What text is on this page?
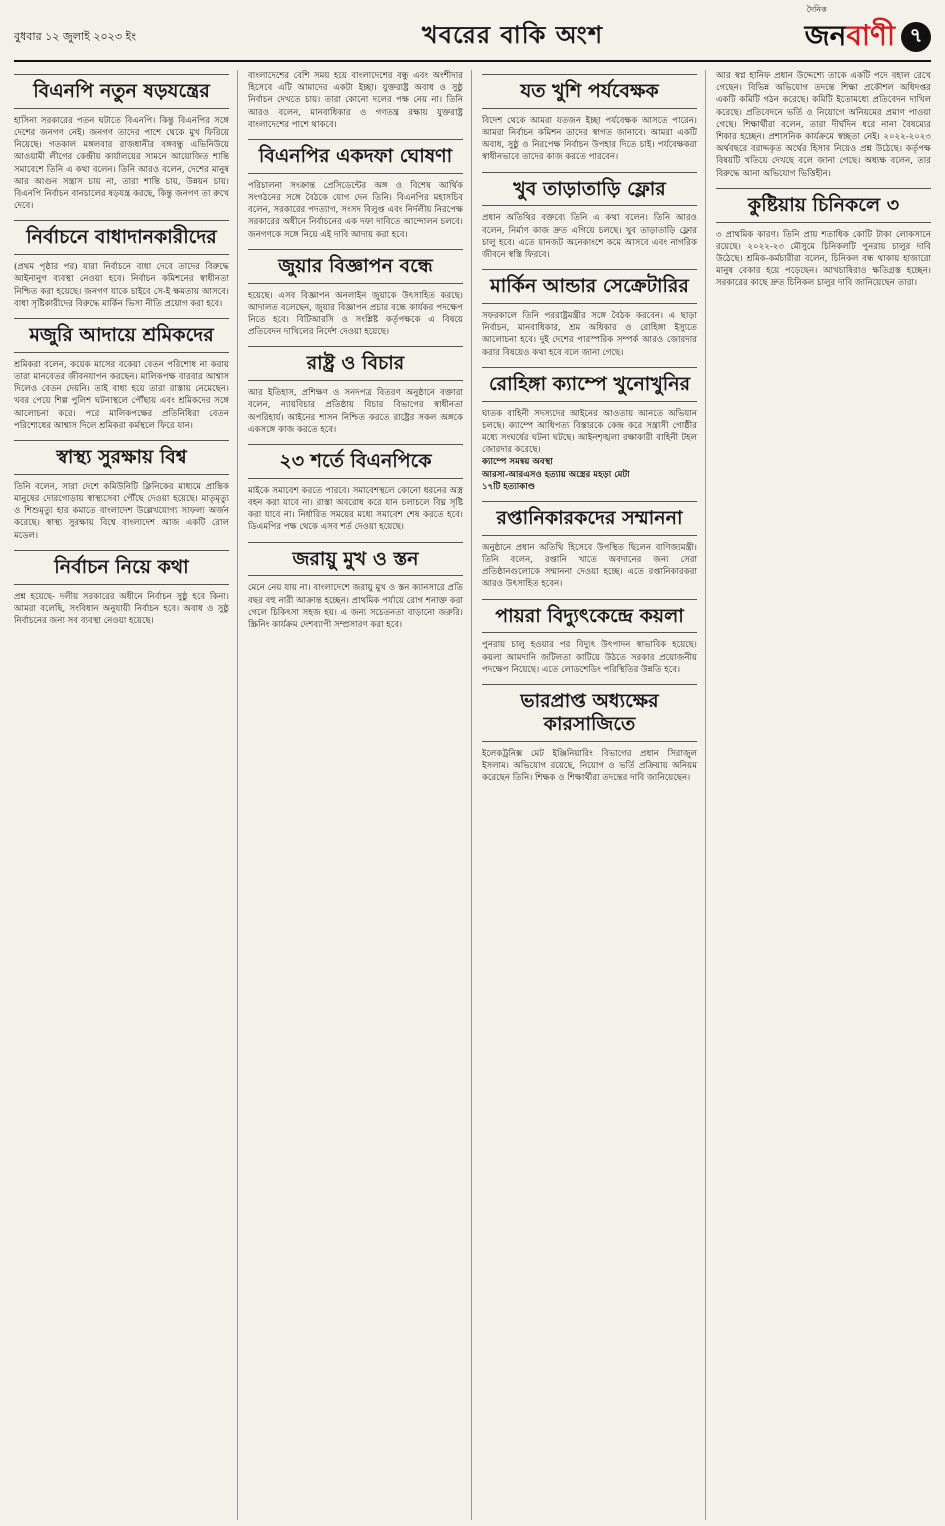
বুধবার ১২ জুলাই ২০২৩ ইং	খবরের বাকি অংশ
দৈনিক
জনবাণী ৭
বিএনপি নতুন ষড়যন্ত্রের

হাসিনা সরকারের পতন ঘটাতে বিএনপি। কিন্তু বিএনপির সঙ্গে দেশের জনগণ নেই। জনগণ তাদের পাশে থেকে মুখ ফিরিয়ে নিয়েছে। গতকাল মঙ্গলবার রাজধানীর বঙ্গবন্ধু এভিনিউয়ে আওয়ামী লীগের কেন্দ্রীয় কার্যালয়ের সামনে আয়োজিত শান্তি সমাবেশে তিনি এ কথা বলেন। তিনি আরও বলেন, দেশের মানুষ আর আগুন সন্ত্রাস চায় না, তারা শান্তি চায়, উন্নয়ন চায়। বিএনপি নির্বাচন বানচালের ষড়যন্ত্র করছে, কিন্তু জনগণ তা রুখে দেবে।

নির্বাচনে বাধাদানকারীদের

(প্রথম পৃষ্ঠার পর) যারা নির্বাচনে বাধা দেবে তাদের বিরুদ্ধে আইনানুগ ব্যবস্থা নেওয়া হবে। নির্বাচন কমিশনের স্বাধীনতা নিশ্চিত করা হয়েছে। জনগণ যাকে চাইবে সে-ই ক্ষমতায় আসবে। বাধা সৃষ্টিকারীদের বিরুদ্ধে মার্কিন ভিসা নীতি প্রয়োগ করা হবে।

মজুরি আদায়ে শ্রমিকদের

শ্রমিকরা বলেন, কয়েক মাসের বকেয়া বেতন পরিশোধ না করায় তারা মানবেতর জীবনযাপন করছেন। মালিকপক্ষ বারবার আশ্বাস দিলেও বেতন দেয়নি। তাই বাধ্য হয়ে তারা রাস্তায় নেমেছেন। খবর পেয়ে শিল্প পুলিশ ঘটনাস্থলে পৌঁছায় এবং শ্রমিকদের সঙ্গে আলোচনা করে। পরে মালিকপক্ষের প্রতিনিধিরা বেতন পরিশোধের আশ্বাস দিলে শ্রমিকরা কর্মস্থলে ফিরে যান।

স্বাস্থ্য সুরক্ষায় বিশ্ব

তিনি বলেন, সারা দেশে কমিউনিটি ক্লিনিকের মাধ্যমে প্রান্তিক মানুষের দোরগোড়ায় স্বাস্থ্যসেবা পৌঁছে দেওয়া হয়েছে। মাতৃমৃত্যু ও শিশুমৃত্যু হার কমাতে বাংলাদেশ উল্লেখযোগ্য সাফল্য অর্জন করেছে। স্বাস্থ্য সুরক্ষায় বিশ্বে বাংলাদেশ আজ একটি রোল মডেল।

নির্বাচন নিয়ে কথা

প্রশ্ন হয়েছে- দলীয় সরকারের অধীনে নির্বাচন সুষ্ঠু হবে কিনা। আমরা বলেছি, সংবিধান অনুযায়ী নির্বাচন হবে। অবাধ ও সুষ্ঠু নির্বাচনের জন্য সব ব্যবস্থা নেওয়া হয়েছে।

বাংলাদেশের বেশি সময় হয়ে বাংলাদেশের বন্ধু এবং অংশীদার হিসেবে এটি আমাদের একটা ইচ্ছা। যুক্তরাষ্ট্র অবাধ ও সুষ্ঠু নির্বাচন দেখতে চায়। তারা কোনো দলের পক্ষ নেয় না। তিনি আরও বলেন, মানবাধিকার ও গণতন্ত্র রক্ষায় যুক্তরাষ্ট্র বাংলাদেশের পাশে থাকবে।

বিএনপির একদফা ঘোষণা

পরিচালনা সংক্রান্ত প্রেসিডেন্টের অঙ্গ ও বিশেষ আর্থিক সংগঠনের সঙ্গে বৈঠকে যোগ দেন তিনি। বিএনপির মহাসচিব বলেন, সরকারের পদত্যাগ, সংসদ বিলুপ্ত এবং নির্দলীয় নিরপেক্ষ সরকারের অধীনে নির্বাচনের এক দফা দাবিতে আন্দোলন চলবে। জনগণকে সঙ্গে নিয়ে এই দাবি আদায় করা হবে।

জুয়ার বিজ্ঞাপন বন্ধে

হয়েছে। এসব বিজ্ঞাপন অনলাইন জুয়াকে উৎসাহিত করছে। আদালত বলেছেন, জুয়ার বিজ্ঞাপন প্রচার বন্ধে কার্যকর পদক্ষেপ নিতে হবে। বিটিআরসি ও সংশ্লিষ্ট কর্তৃপক্ষকে এ বিষয়ে প্রতিবেদন দাখিলের নির্দেশ দেওয়া হয়েছে।

রাষ্ট্র ও বিচার

আর ইতিহাস, প্রশিক্ষণ ও সনদপত্র বিতরণ অনুষ্ঠানে বক্তারা বলেন, ন্যায়বিচার প্রতিষ্ঠায় বিচার বিভাগের স্বাধীনতা অপরিহার্য। আইনের শাসন নিশ্চিত করতে রাষ্ট্রের সকল অঙ্গকে একসঙ্গে কাজ করতে হবে।

২৩ শর্তে বিএনপিকে

মাইকে সমাবেশ করতে পারবে। সমাবেশস্থলে কোনো ধরনের অস্ত্র বহন করা যাবে না। রাস্তা অবরোধ করে যান চলাচলে বিঘ্ন সৃষ্টি করা যাবে না। নির্ধারিত সময়ের মধ্যে সমাবেশ শেষ করতে হবে। ডিএমপির পক্ষ থেকে এসব শর্ত দেওয়া হয়েছে।

জরায়ু মুখ ও স্তন

মেনে নেয় যায় না। বাংলাদেশে জরায়ু মুখ ও স্তন ক্যানসারে প্রতি বছর বহু নারী আক্রান্ত হচ্ছেন। প্রাথমিক পর্যায়ে রোগ শনাক্ত করা গেলে চিকিৎসা সহজ হয়। এ জন্য সচেতনতা বাড়ানো জরুরি। স্ক্রিনিং কার্যক্রম দেশব্যাপী সম্প্রসারণ করা হবে।

যত খুশি পর্যবেক্ষক

বিদেশ থেকে আমরা যতজন ইচ্ছা পর্যবেক্ষক আসতে পারেন। আমরা নির্বাচন কমিশন তাদের স্বাগত জানাবে। আমরা একটি অবাধ, সুষ্ঠু ও নিরপেক্ষ নির্বাচন উপহার দিতে চাই। পর্যবেক্ষকরা স্বাধীনভাবে তাদের কাজ করতে পারবেন।

খুব তাড়াতাড়ি ফ্লোর

প্রধান অতিথির বক্তব্যে তিনি এ কথা বলেন। তিনি আরও বলেন, নির্মাণ কাজ দ্রুত এগিয়ে চলছে। খুব তাড়াতাড়ি ফ্লোর চালু হবে। এতে যানজট অনেকাংশে কমে আসবে এবং নাগরিক জীবনে স্বস্তি ফিরবে।

মার্কিন আন্ডার সেক্রেটারির

সফরকালে তিনি পররাষ্ট্রমন্ত্রীর সঙ্গে বৈঠক করবেন। এ ছাড়া নির্বাচন, মানবাধিকার, শ্রম অধিকার ও রোহিঙ্গা ইস্যুতে আলোচনা হবে। দুই দেশের পারস্পরিক সম্পর্ক আরও জোরদার করার বিষয়েও কথা হবে বলে জানা গেছে।

রোহিঙ্গা ক্যাম্পে খুনোখুনির

ঘাতক বাহিনী সদস্যদের আইনের আওতায় আনতে অভিযান চলছে। ক্যাম্পে আধিপত্য বিস্তারকে কেন্দ্র করে সন্ত্রাসী গোষ্ঠীর মধ্যে সংঘর্ষের ঘটনা ঘটছে। আইনশৃঙ্খলা রক্ষাকারী বাহিনী টহল জোরদার করেছে।

ক্যাম্পে সমন্বয় অবস্থা

আরসা-আরএসও হত্যায় অস্ত্রের মহড়া মেটা

১৭টি হত্যাকাণ্ড

রপ্তানিকারকদের সম্মাননা

অনুষ্ঠানে প্রধান অতিথি হিসেবে উপস্থিত ছিলেন বাণিজ্যমন্ত্রী। তিনি বলেন, রপ্তানি খাতে অবদানের জন্য সেরা প্রতিষ্ঠানগুলোকে সম্মাননা দেওয়া হচ্ছে। এতে রপ্তানিকারকরা আরও উৎসাহিত হবেন।

পায়রা বিদ্যুৎকেন্দ্রে কয়লা

পুনরায় চালু হওয়ার পর বিদ্যুৎ উৎপাদন স্বাভাবিক হয়েছে। কয়লা আমদানি জটিলতা কাটিয়ে উঠতে সরকার প্রয়োজনীয় পদক্ষেপ নিয়েছে। এতে লোডশেডিং পরিস্থিতির উন্নতি হবে।

ভারপ্রাপ্ত অধ্যক্ষের কারসাজিতে

ইলেকট্রনিক্স মেট ইঞ্জিনিয়ারিং বিভাগের প্রধান সিরাজুল ইসলাম। অভিযোগ রয়েছে, নিয়োগ ও ভর্তি প্রক্রিয়ায় অনিয়ম করেছেন তিনি। শিক্ষক ও শিক্ষার্থীরা তদন্তের দাবি জানিয়েছেন।

আর স্বপ্ন হানিফ প্রধান উদ্দেশ্যে তাকে একটি পদে বহাল রেখে গেছেন। বিভিন্ন অভিযোগ তদন্তে শিক্ষা প্রকৌশল অধিদপ্তর একটি কমিটি গঠন করেছে। কমিটি ইতোমধ্যে প্রতিবেদন দাখিল করেছে। প্রতিবেদনে ভর্তি ও নিয়োগে অনিয়মের প্রমাণ পাওয়া গেছে। শিক্ষার্থীরা বলেন, তারা দীর্ঘদিন ধরে নানা বৈষম্যের শিকার হচ্ছেন। প্রশাসনিক কার্যক্রমে স্বচ্ছতা নেই। ২০২২-২০২৩ অর্থবছরে বরাদ্দকৃত অর্থের হিসাব নিয়েও প্রশ্ন উঠেছে। কর্তৃপক্ষ বিষয়টি খতিয়ে দেখছে বলে জানা গেছে। অধ্যক্ষ বলেন, তার বিরুদ্ধে আনা অভিযোগ ভিত্তিহীন।

কুষ্টিয়ায় চিনিকলে ৩

৩ প্রাথমিক কারণ। তিনি প্রায় শতাধিক কোটি টাকা লোকসানে রয়েছে। ২০২২-২৩ মৌসুমে চিনিকলটি পুনরায় চালুর দাবি উঠেছে। শ্রমিক-কর্মচারীরা বলেন, চিনিকল বন্ধ থাকায় হাজারো মানুষ বেকার হয়ে পড়েছেন। আখচাষিরাও ক্ষতিগ্রস্ত হচ্ছেন। সরকারের কাছে দ্রুত চিনিকল চালুর দাবি জানিয়েছেন তারা।
